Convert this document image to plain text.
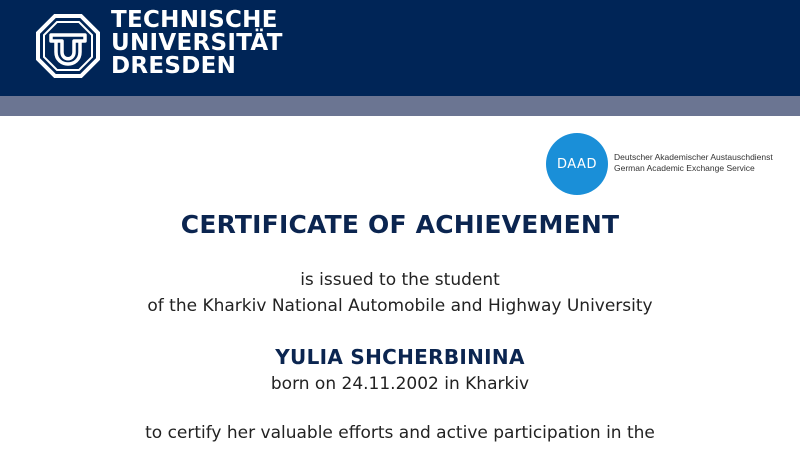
TECHNISCHE
UNIVERSITÄT
DRESDEN
DAAD Deutscher Akademischer Austauschdienst
German Academic Exchange Service
CERTIFICATE OF ACHIEVEMENT
is issued to the student
of the Kharkiv National Automobile and Highway University
YULIA SHCHERBININA
born on 24.11.2002 in Kharkiv
to certify her valuable efforts and active participation in the
